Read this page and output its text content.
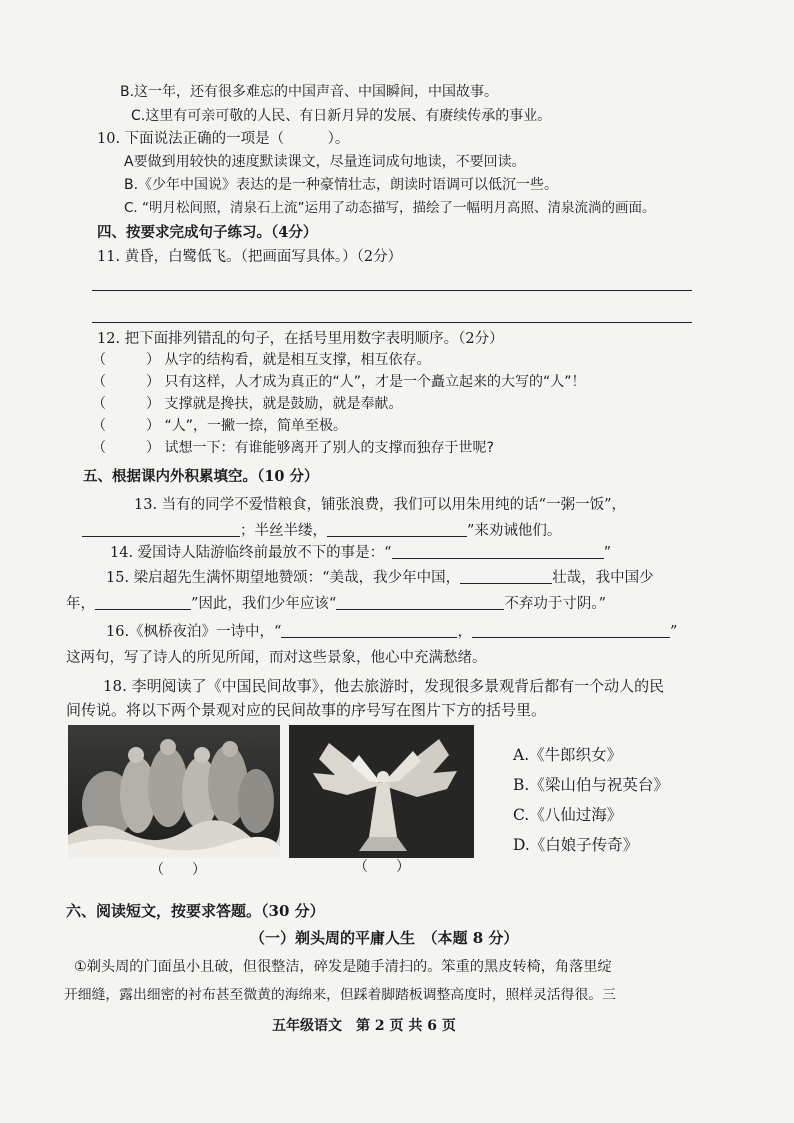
B.这一年，还有很多难忘的中国声音、中国瞬间，中国故事。
C.这里有可亲可敬的人民、有日新月异的发展、有赓续传承的事业。
10. 下面说法正确的一项是（　　　）。
A要做到用较快的速度默读课文，尽量连词成句地读，不要回读。
B.《少年中国说》表达的是一种豪情壮志，朗读时语调可以低沉一些。
C. “明月松间照，清泉石上流”运用了动态描写，描绘了一幅明月高照、清泉流淌的画面。
四、按要求完成句子练习。（4分）
11. 黄昏，白鹭低飞。（把画面写具体。）（2分）
12. 把下面排列错乱的句子，在括号里用数字表明顺序。（2分）
（	） 从字的结构看，就是相互支撑，相互依存。
（	） 只有这样，人才成为真正的“人”，才是一个矗立起来的大写的“人”！
（	） 支撑就是搀扶，就是鼓励，就是奉献。
（	） “人”，一撇一捺，简单至极。
（	） 试想一下：有谁能够离开了别人的支撑而独存于世呢?
五、根据课内外积累填空。（10 分）
13. 当有的同学不爱惜粮食，铺张浪费，我们可以用朱用纯的话“一粥一饭”，
；半丝半缕，	”来劝诫他们。
14. 爱国诗人陆游临终前最放不下的事是：“	”
15. 梁启超先生满怀期望地赞颂：“美哉，我少年中国，	壮哉，我中国少
年，	”因此，我们少年应该“	不弃功于寸阴。”
16.《枫桥夜泊》一诗中，“	，	”
这两句，写了诗人的所见所闻，而对这些景象，他心中充满愁绪。
18. 李明阅读了《中国民间故事》，他去旅游时，发现很多景观背后都有一个动人的民
间传说。将以下两个景观对应的民间故事的序号写在图片下方的括号里。
（　　）	（　　）
A.《牛郎织女》
B.《梁山伯与祝英台》
C.《八仙过海》
D.《白娘子传奇》
六、阅读短文，按要求答题。（30 分）
（一）剃头周的平庸人生　（本题 8 分）
①剃头周的门面虽小且破，但很整洁，碎发是随手清扫的。笨重的黑皮转椅，角落里绽
开细缝，露出细密的衬布甚至微黄的海绵来，但踩着脚踏板调整高度时，照样灵活得很。三
五年级语文　第 2 页 共 6 页
